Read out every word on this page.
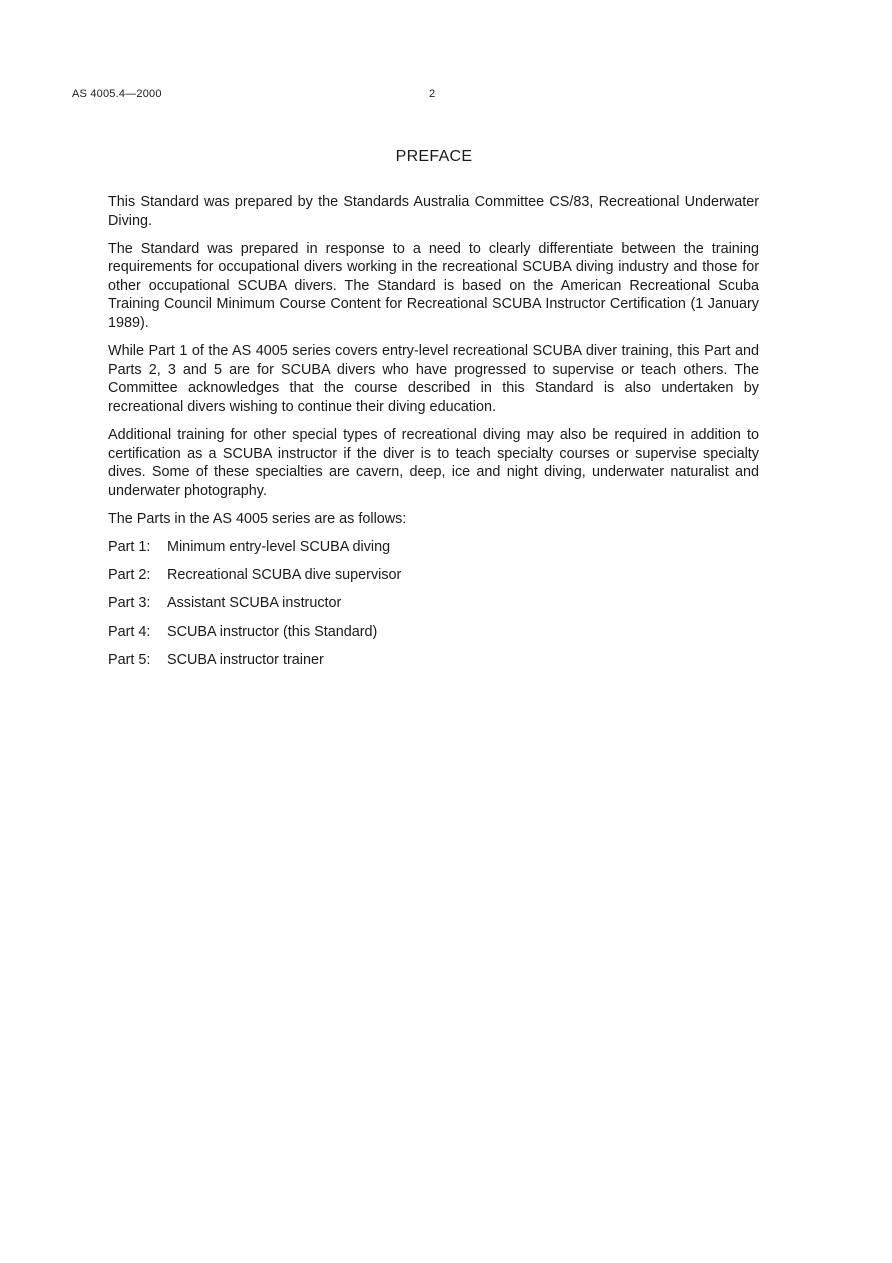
AS 4005.4—2000	2
PREFACE

This Standard was prepared by the Standards Australia Committee CS/83, Recreational Underwater Diving.

The Standard was prepared in response to a need to clearly differentiate between the training requirements for occupational divers working in the recreational SCUBA diving industry and those for other occupational SCUBA divers. The Standard is based on the American Recreational Scuba Training Council Minimum Course Content for Recreational SCUBA Instructor Certification (1 January 1989).

While Part 1 of the AS 4005 series covers entry-level recreational SCUBA diver training, this Part and Parts 2, 3 and 5 are for SCUBA divers who have progressed to supervise or teach others. The Committee acknowledges that the course described in this Standard is also undertaken by recreational divers wishing to continue their diving education.

Additional training for other special types of recreational diving may also be required in addition to certification as a SCUBA instructor if the diver is to teach specialty courses or supervise specialty dives. Some of these specialties are cavern, deep, ice and night diving, underwater naturalist and underwater photography.

The Parts in the AS 4005 series are as follows:

Part 1: Minimum entry-level SCUBA diving
Part 2: Recreational SCUBA dive supervisor
Part 3: Assistant SCUBA instructor
Part 4: SCUBA instructor (this Standard)
Part 5: SCUBA instructor trainer
